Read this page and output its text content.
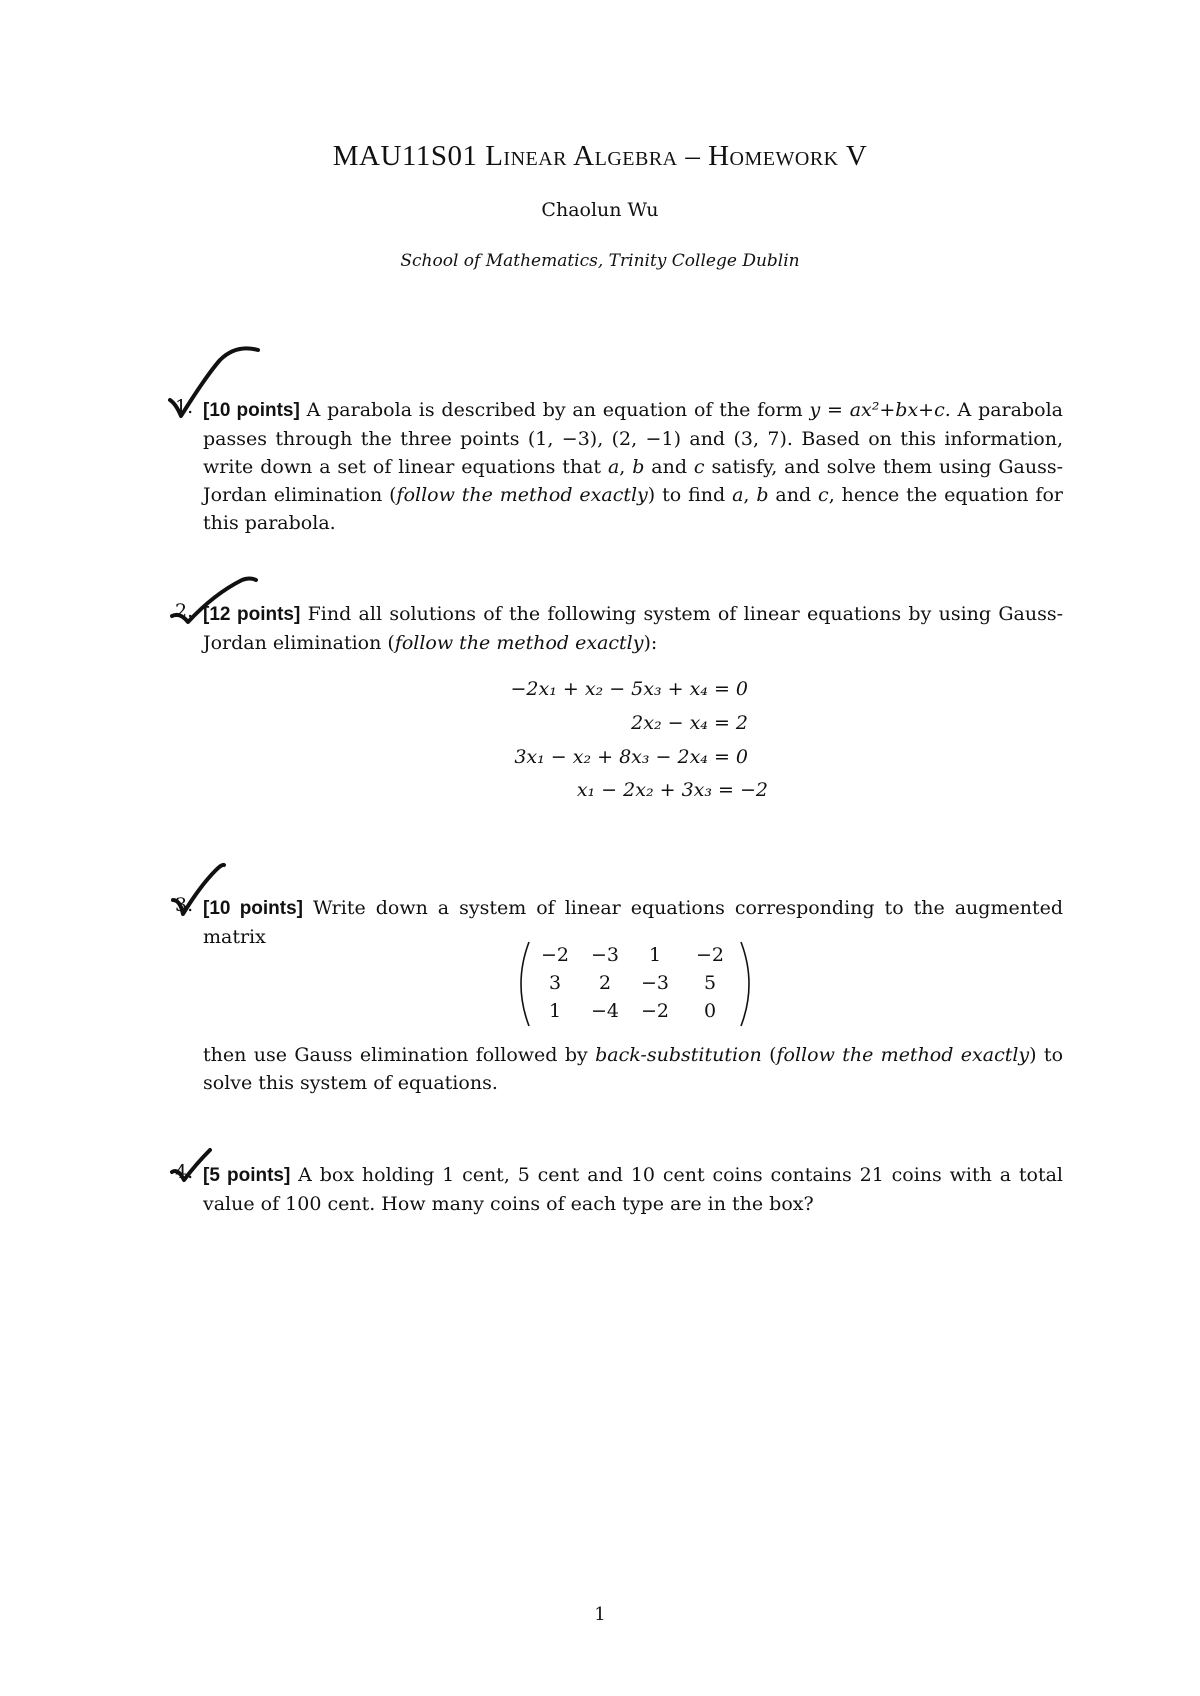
MAU11S01 Linear Algebra – Homework V
Chaolun Wu
School of Mathematics, Trinity College Dublin
1. [10 points] A parabola is described by an equation of the form y = ax²+bx+c. A parabola passes through the three points (1, −3), (2, −1) and (3, 7). Based on this information, write down a set of linear equations that a, b and c satisfy, and solve them using Gauss-Jordan elimination (follow the method exactly) to find a, b and c, hence the equation for this parabola.
2. [12 points] Find all solutions of the following system of linear equations by using Gauss-Jordan elimination (follow the method exactly):
−2x₁ + x₂ − 5x₃ + x₄ = 0
2x₂ − x₄ = 2
3x₁ − x₂ + 8x₃ − 2x₄ = 0
x₁ − 2x₂ + 3x₃ = −2
3. [10 points] Write down a system of linear equations corresponding to the augmented matrix
−2	−3	1	−2
3	2	−3	5
1	−4	−2	0
then use Gauss elimination followed by back-substitution (follow the method exactly) to solve this system of equations.
4. [5 points] A box holding 1 cent, 5 cent and 10 cent coins contains 21 coins with a total value of 100 cent. How many coins of each type are in the box?
1
